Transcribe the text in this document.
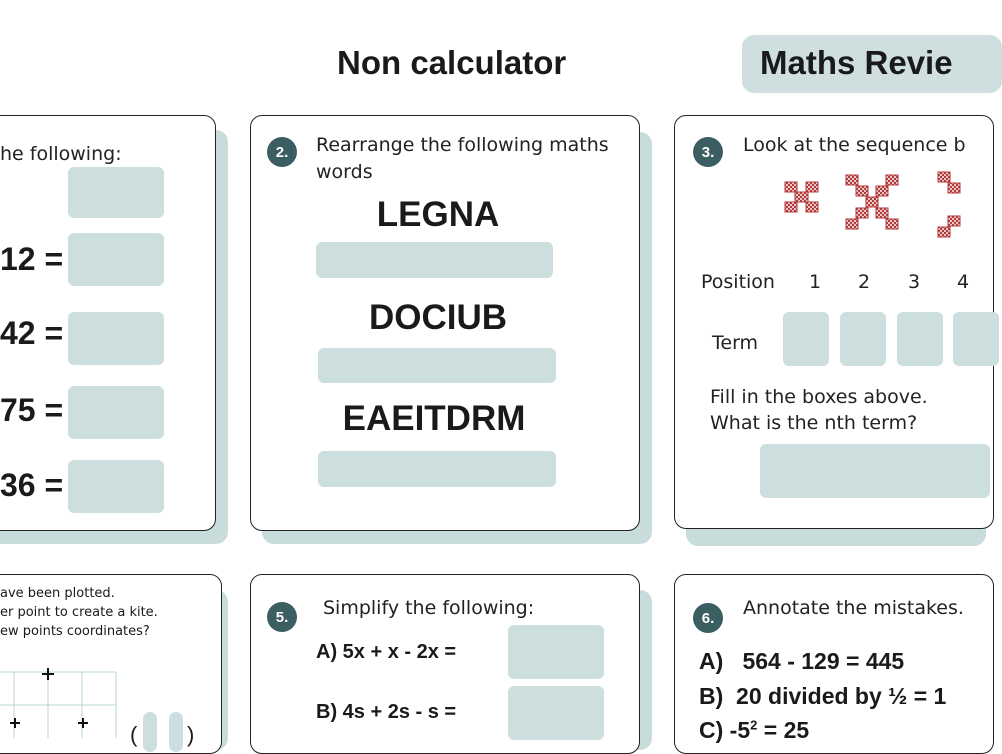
Non calculator	Maths Revie
he following:
12 =
42 =
75 =
36 =
2.	Rearrange the following maths
words
LEGNA
DOCIUB
EAEITDRM
3.	Look at the sequence b
Position 1 2 3 4
Term
Fill in the boxes above.
What is the nth term?
ave been plotted.
er point to create a kite.
ew points coordinates?
( )
5.	Simplify the following:
A) 5x + x - 2x =
B) 4s + 2s - s =
6.	Annotate the mistakes.
A)   564 - 129 = 445
B)  20 divided by ½ = 1
C) $-5^2 = 25$
